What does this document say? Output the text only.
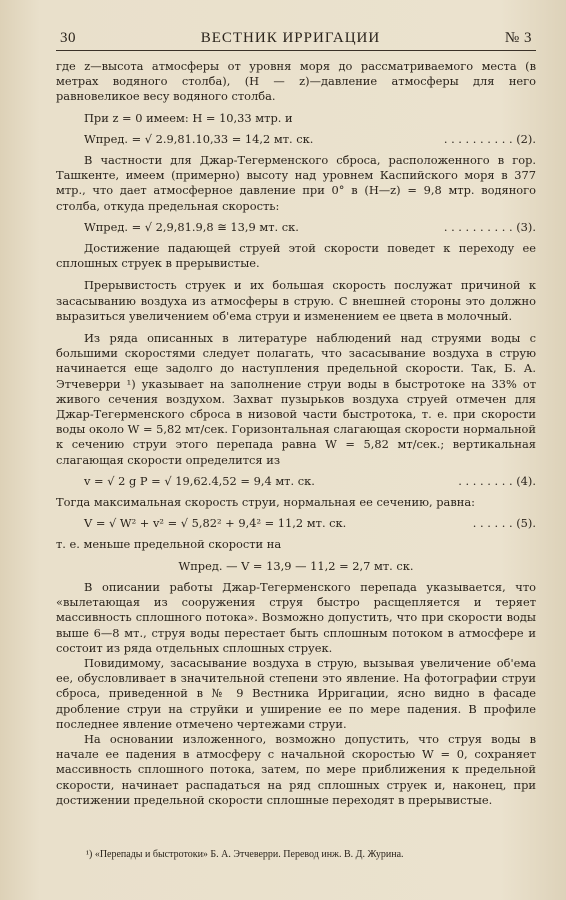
30	ВЕСТНИК ИРРИГАЦИИ	№ 3

где z—высота атмосферы от уровня моря до рассматриваемого места (в метрах водяного столба), (H — z)—давление атмосферы для него равновеликое весу водяного столба.

При z = 0 имеем: H = 10,33 мтр. и
Wпред. = √ 2.9,81.10,33 = 14,2 мт. ск.	. . . . . . . . . . (2).

В частности для Джар-Тегерменского сброса, расположенного в гор. Ташкенте, имеем (примерно) высоту над уровнем Каспийского моря в 377 мтр., что дает атмосферное давление при 0° в (H—z) = 9,8 мтр. водяного столба, откуда предельная скорость:

Wпред. = √ 2,9,81.9,8 ≅ 13,9 мт. ск.	. . . . . . . . . . (3).

Достижение падающей струей этой скорости поведет к переходу ее сплошных струек в прерывистые.

Прерывистость струек и их большая скорость послужат причиной к засасыванию воздуха из атмосферы в струю. С внешней стороны это должно выразиться увеличением об'ема струи и изменением ее цвета в молочный.

Из ряда описанных в литературе наблюдений над струями воды с большими скоростями следует полагать, что засасывание воздуха в струю начинается еще задолго до наступления предельной скорости. Так, Б. А. Этчеверри ¹) указывает на заполнение струи воды в быстротоке на 33% от живого сечения воздухом. Захват пузырьков воздуха струей отмечен для Джар-Тегерменского сброса в низовой части быстротока, т. е. при скорости воды около W = 5,82 мт/сек. Горизонтальная слагающая скорости нормальной к сечению струи этого перепада равна W = 5,82 мт/сек.; вертикальная слагающая скорости определится из

v = √ 2 g P = √ 19,62.4,52 = 9,4 мт. ск.	. . . . . . . . (4).

Тогда максимальная скорость струи, нормальная ее сечению, равна:

V = √ W² + v² = √ 5,82² + 9,4² = 11,2 мт. ск.	. . . . . . (5).

т. е. меньше предельной скорости на

Wпред. — V = 13,9 — 11,2 = 2,7 мт. ск.

В описании работы Джар-Тегерменского перепада указывается, что «вылетающая из сооружения струя быстро расщепляется и теряет массивность сплошного потока». Возможно допустить, что при скорости воды выше 6—8 мт., струя воды перестает быть сплошным потоком в атмосфере и состоит из ряда отдельных сплошных струек.

Повидимому, засасывание воздуха в струю, вызывая увеличение об'ема ее, обусловливает в значительной степени это явление. На фотографии струи сброса, приведенной в № 9 Вестника Ирригации, ясно видно в фасаде дробление струи на струйки и уширение ее по мере падения. В профиле последнее явление отмечено чертежами струи.

На основании изложенного, возможно допустить, что струя воды в начале ее падения в атмосферу с начальной скоростью W = 0, сохраняет массивность сплошного потока, затем, по мере приближения к предельной скорости, начинает распадаться на ряд сплошных струек и, наконец, при достижении предельной скорости сплошные переходят в прерывистые.

¹) «Перепады и быстротоки» Б. А. Этчеверри. Перевод инж. В. Д. Журина.
